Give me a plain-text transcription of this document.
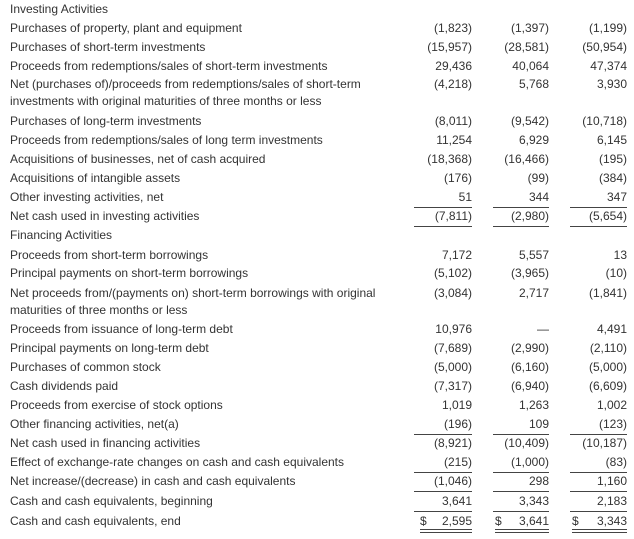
Investing Activities
Purchases of property, plant and equipment	(1,823)	(1,397)	(1,199)
Purchases of short-term investments	(15,957)	(28,581)	(50,954)
Proceeds from redemptions/sales of short-term investments	29,436	40,064	47,374
Net (purchases of)/proceeds from redemptions/sales of short-term investments with original maturities of three months or less
(4,218)	5,768	3,930
Purchases of long-term investments	(8,011)	(9,542)	(10,718)
Proceeds from redemptions/sales of long term investments	11,254	6,929	6,145
Acquisitions of businesses, net of cash acquired	(18,368)	(16,466)	(195)
Acquisitions of intangible assets	(176)	(99)	(384)
Other investing activities, net	51	344	347
Net cash used in investing activities	(7,811)	(2,980)	(5,654)
Financing Activities
Proceeds from short-term borrowings	7,172	5,557	13
Principal payments on short-term borrowings	(5,102)	(3,965)	(10)
Net proceeds from/(payments on) short-term borrowings with original maturities of three months or less
(3,084)	2,717	(1,841)
Proceeds from issuance of long-term debt	10,976	—	4,491
Principal payments on long-term debt	(7,689)	(2,990)	(2,110)
Purchases of common stock	(5,000)	(6,160)	(5,000)
Cash dividends paid	(7,317)	(6,940)	(6,609)
Proceeds from exercise of stock options	1,019	1,263	1,002
Other financing activities, net(a)	(196)	109	(123)
Net cash used in financing activities	(8,921)	(10,409)	(10,187)
Effect of exchange-rate changes on cash and cash equivalents	(215)	(1,000)	(83)
Net increase/(decrease) in cash and cash equivalents	(1,046)	298	1,160
Cash and cash equivalents, beginning	3,641	3,343	2,183
Cash and cash equivalents, end	$ 2,595 $ 3,641 $ 3,343
